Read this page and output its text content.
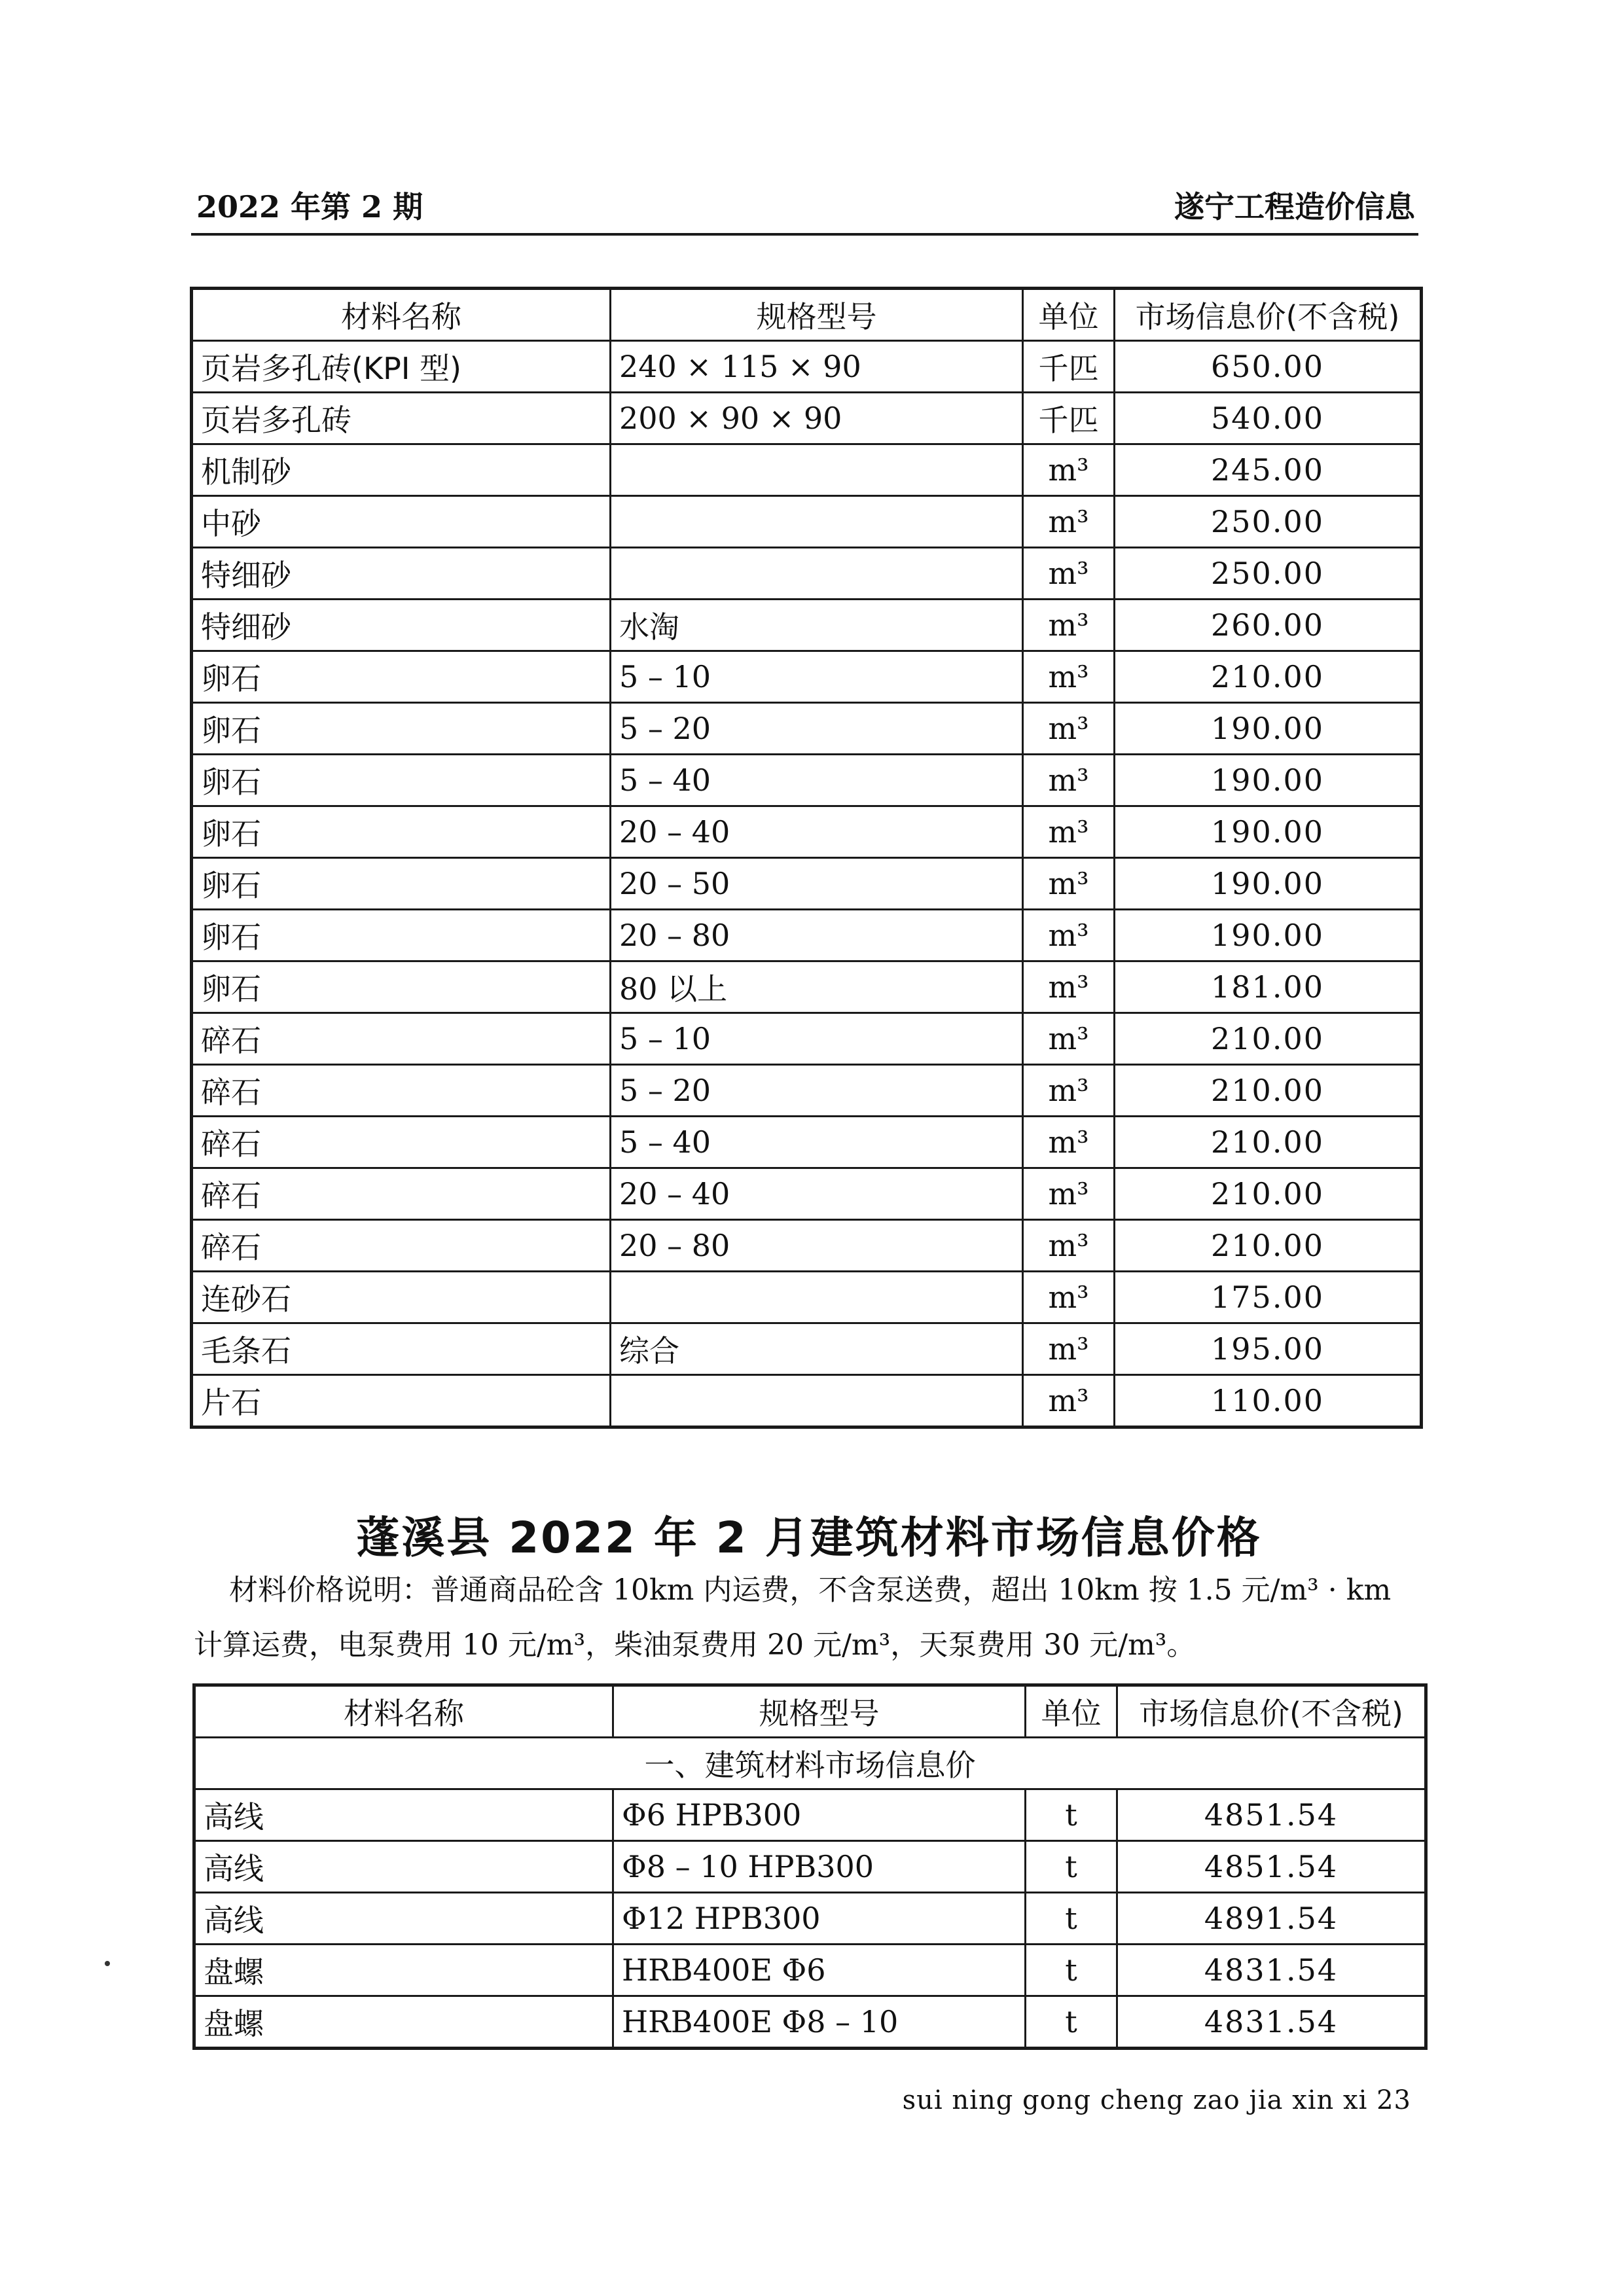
2022 年第 2 期	遂宁工程造价信息
材料名称	规格型号	单位	市场信息价(不含税)
页岩多孔砖(KPI 型)	240 × 115 × 90	千匹	650.00
页岩多孔砖	200 × 90 × 90	千匹	540.00
机制砂		m³	245.00
中砂		m³	250.00
特细砂		m³	250.00
特细砂	水淘	m³	260.00
卵石	5 – 10	m³	210.00
卵石	5 – 20	m³	190.00
卵石	5 – 40	m³	190.00
卵石	20 – 40	m³	190.00
卵石	20 – 50	m³	190.00
卵石	20 – 80	m³	190.00
卵石	80 以上	m³	181.00
碎石	5 – 10	m³	210.00
碎石	5 – 20	m³	210.00
碎石	5 – 40	m³	210.00
碎石	20 – 40	m³	210.00
碎石	20 – 80	m³	210.00
连砂石		m³	175.00
毛条石	综合	m³	195.00
片石		m³	110.00
蓬溪县 2022 年 2 月建筑材料市场信息价格
材料价格说明：普通商品砼含 10km 内运费，不含泵送费，超出 10km 按 1.5 元/m³ · km
计算运费，电泵费用 10 元/m³，柴油泵费用 20 元/m³，天泵费用 30 元/m³。
材料名称	规格型号	单位	市场信息价(不含税)
一、建筑材料市场信息价			
高线	Φ6 HPB300	t	4851.54
高线	Φ8 – 10 HPB300	t	4851.54
高线	Φ12 HPB300	t	4891.54
盘螺	HRB400E Φ6	t	4831.54
盘螺	HRB400E Φ8 – 10	t	4831.54
sui ning gong cheng zao jia xin xi 23
